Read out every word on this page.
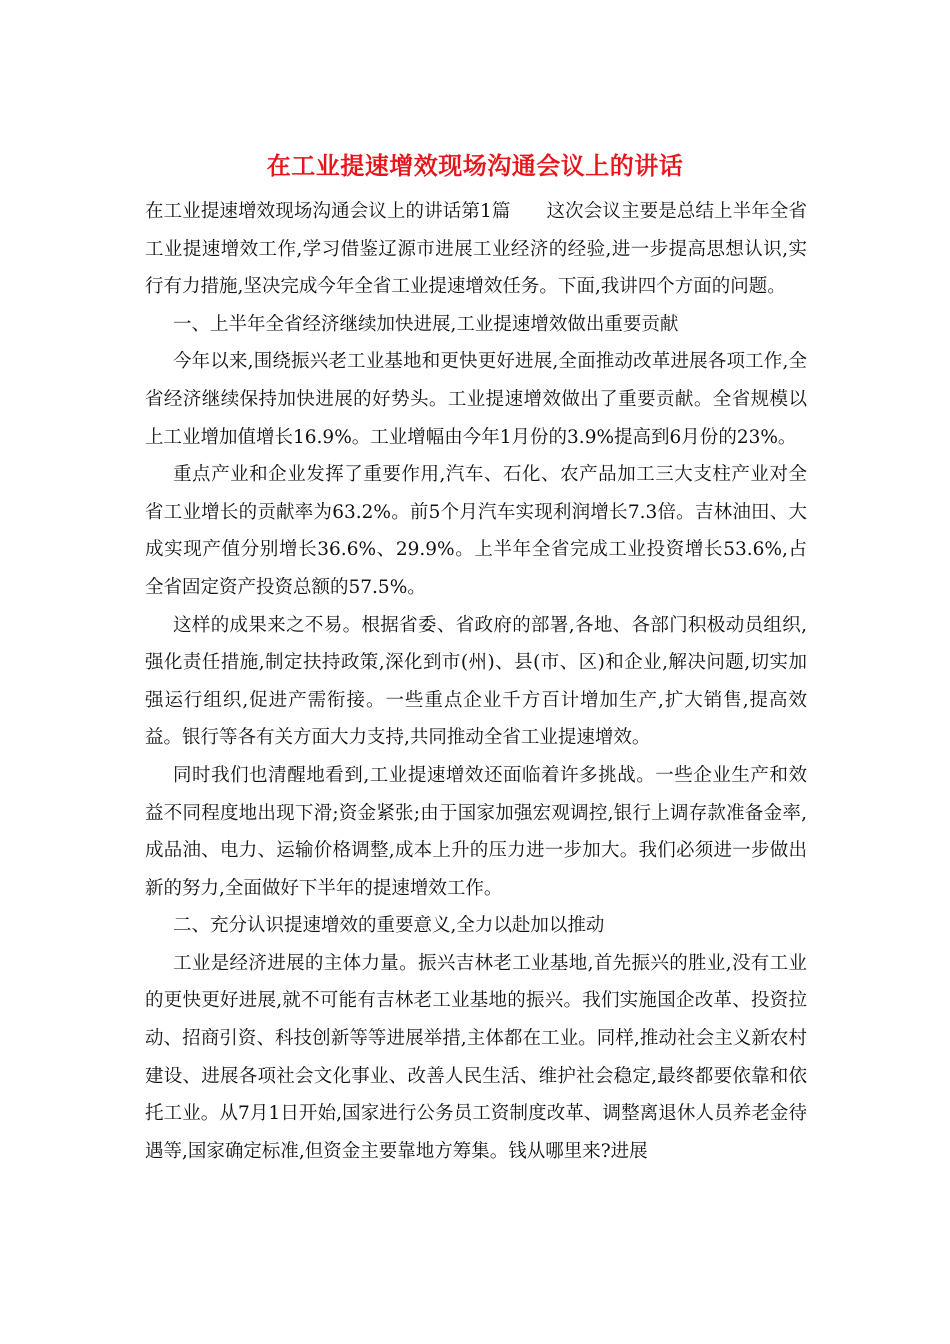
在工业提速增效现场沟通会议上的讲话

在工业提速增效现场沟通会议上的讲话第1篇 这次会议主要是总结上半年全省工业提速增效工作,学习借鉴辽源市进展工业经济的经验,进一步提高思想认识,实行有力措施,坚决完成今年全省工业提速增效任务。下面,我讲四个方面的问题。

一、上半年全省经济继续加快进展,工业提速增效做出重要贡献

今年以来,围绕振兴老工业基地和更快更好进展,全面推动改革进展各项工作,全省经济继续保持加快进展的好势头。工业提速增效做出了重要贡献。全省规模以上工业增加值增长16.9%。工业增幅由今年1月份的3.9%提高到6月份的23%。

重点产业和企业发挥了重要作用,汽车、石化、农产品加工三大支柱产业对全省工业增长的贡献率为63.2%。前5个月汽车实现利润增长7.3倍。吉林油田、大成实现产值分别增长36.6%、29.9%。上半年全省完成工业投资增长53.6%,占全省固定资产投资总额的57.5%。

这样的成果来之不易。根据省委、省政府的部署,各地、各部门积极动员组织,强化责任措施,制定扶持政策,深化到市(州)、县(市、区)和企业,解决问题,切实加强运行组织,促进产需衔接。一些重点企业千方百计增加生产,扩大销售,提高效益。银行等各有关方面大力支持,共同推动全省工业提速增效。

同时我们也清醒地看到,工业提速增效还面临着许多挑战。一些企业生产和效益不同程度地出现下滑;资金紧张;由于国家加强宏观调控,银行上调存款准备金率,成品油、电力、运输价格调整,成本上升的压力进一步加大。我们必须进一步做出新的努力,全面做好下半年的提速增效工作。

二、充分认识提速增效的重要意义,全力以赴加以推动

工业是经济进展的主体力量。振兴吉林老工业基地,首先振兴的胜业,没有工业的更快更好进展,就不可能有吉林老工业基地的振兴。我们实施国企改革、投资拉动、招商引资、科技创新等等进展举措,主体都在工业。同样,推动社会主义新农村建设、进展各项社会文化事业、改善人民生活、维护社会稳定,最终都要依靠和依托工业。从7月1日开始,国家进行公务员工资制度改革、调整离退休人员养老金待遇等,国家确定标准,但资金主要靠地方筹集。钱从哪里来?进展
